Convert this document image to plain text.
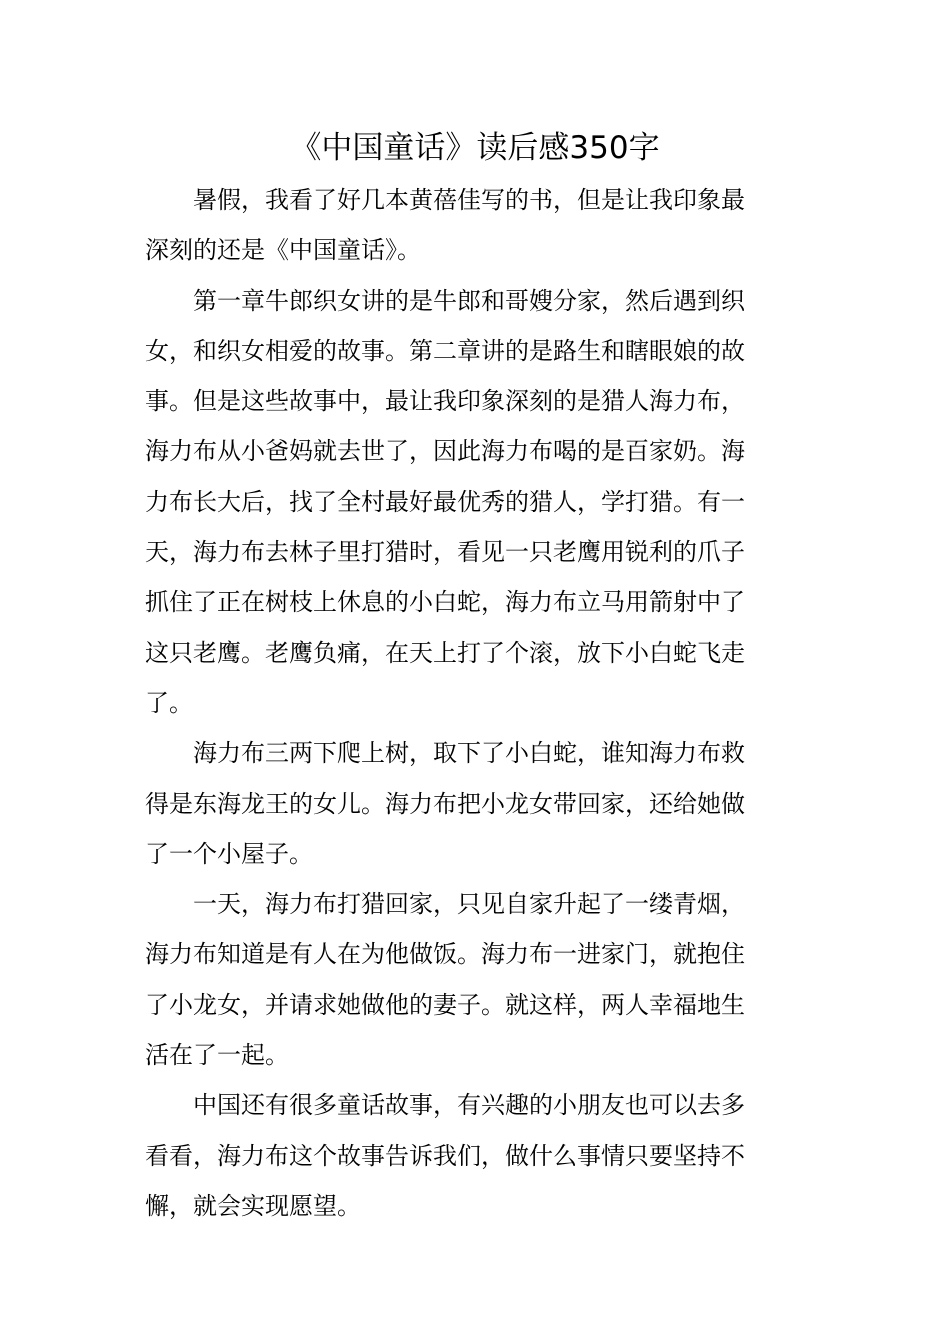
《中国童话》读后感350字

暑假，我看了好几本黄蓓佳写的书，但是让我印象最
深刻的还是《中国童话》。

第一章牛郎织女讲的是牛郎和哥嫂分家，然后遇到织
女，和织女相爱的故事。第二章讲的是路生和瞎眼娘的故
事。但是这些故事中，最让我印象深刻的是猎人海力布，
海力布从小爸妈就去世了，因此海力布喝的是百家奶。海
力布长大后，找了全村最好最优秀的猎人，学打猎。有一
天，海力布去林子里打猎时，看见一只老鹰用锐利的爪子
抓住了正在树枝上休息的小白蛇，海力布立马用箭射中了
这只老鹰。老鹰负痛，在天上打了个滚，放下小白蛇飞走
了。

海力布三两下爬上树，取下了小白蛇，谁知海力布救
得是东海龙王的女儿。海力布把小龙女带回家，还给她做
了一个小屋子。

一天，海力布打猎回家，只见自家升起了一缕青烟，
海力布知道是有人在为他做饭。海力布一进家门，就抱住
了小龙女，并请求她做他的妻子。就这样，两人幸福地生
活在了一起。

中国还有很多童话故事，有兴趣的小朋友也可以去多
看看，海力布这个故事告诉我们，做什么事情只要坚持不
懈，就会实现愿望。
